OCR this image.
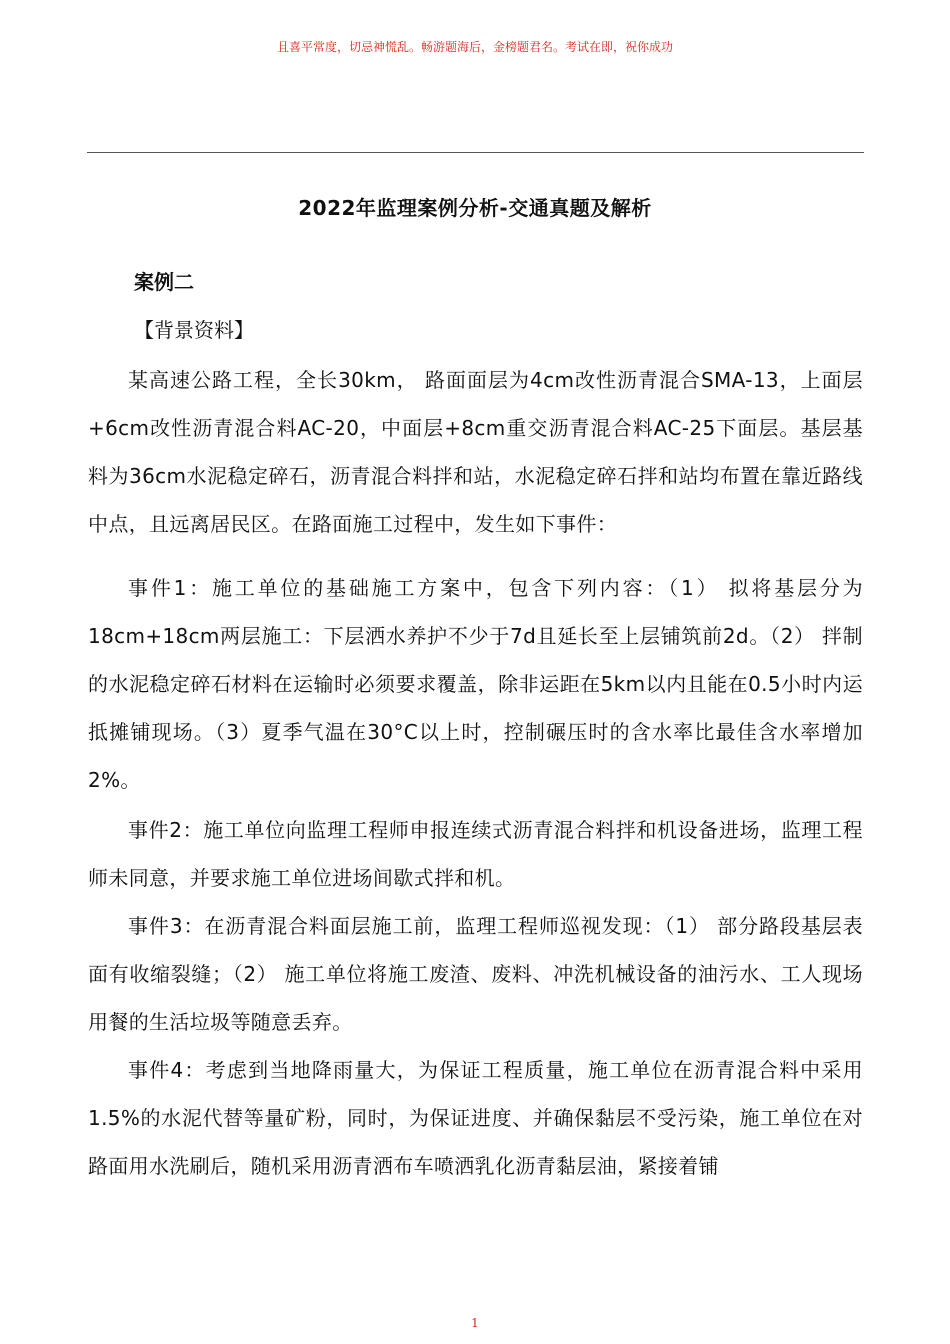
且喜平常度，切忌神慌乱。畅游题海后，金榜题君名。考试在即，祝你成功
2022年监理案例分析-交通真题及解析
案例二
【背景资料】
某高速公路工程，全长30km， 路面面层为4cm改性沥青混合SMA-13，上面层+6cm改性沥青混合料AC-20，中面层+8cm重交沥青混合料AC-25下面层。基层基料为36cm水泥稳定碎石，沥青混合料拌和站，水泥稳定碎石拌和站均布置在靠近路线中点，且远离居民区。在路面施工过程中，发生如下事件：
事件1：施工单位的基础施工方案中，包含下列内容：（1） 拟将基层分为18cm+18cm两层施工：下层洒水养护不少于7d且延长至上层铺筑前2d。（2） 拌制的水泥稳定碎石材料在运输时必须要求覆盖，除非运距在5km以内且能在0.5小时内运抵摊铺现场。（3）夏季气温在30°C以上时，控制碾压时的含水率比最佳含水率增加2%。
事件2：施工单位向监理工程师申报连续式沥青混合料拌和机设备进场，监理工程师未同意，并要求施工单位进场间歇式拌和机。
事件3：在沥青混合料面层施工前，监理工程师巡视发现：（1） 部分路段基层表面有收缩裂缝；（2） 施工单位将施工废渣、废料、冲洗机械设备的油污水、工人现场用餐的生活垃圾等随意丢弃。
事件4：考虑到当地降雨量大，为保证工程质量，施工单位在沥青混合料中采用1.5%的水泥代替等量矿粉，同时，为保证进度、并确保黏层不受污染，施工单位在对路面用水洗刷后，随机采用沥青洒布车喷洒乳化沥青黏层油，紧接着铺
1
